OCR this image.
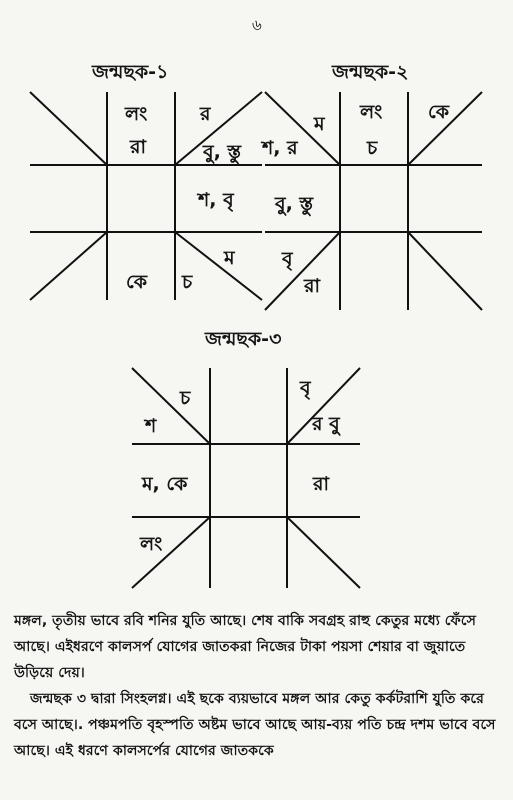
৬
জন্মছক-১	জন্মছক-২
জন্মছক-৩
লং	র
রা	বু, স্তু
শ, বৃ
ম
কে চ
ম
লং কে
শ, র	চ
বু, স্তু
বৃ
রা
চ
শ
বৃ
র বু
ম, কে	রা
লং
মঙ্গল, তৃতীয় ভাবে রবি শনির যুতি আছে। শেষ বাকি সবগ্রহ রাহু কেতুর মধ্যে ফেঁসে আছে। এইধরণে কালসর্প যোগের জাতকরা নিজের টাকা পয়সা শেয়ার বা জুয়াতে উড়িয়ে দেয়।
জন্মছক ৩ দ্বারা সিংহলগ্ন। এই ছকে ব্যয়ভাবে মঙ্গল আর কেতু কর্কটরাশি যুতি করে বসে আছে।. পঞ্চমপতি বৃহস্পতি অষ্টম ভাবে আছে আয়-ব্যয় পতি চন্দ্র দশম ভাবে বসে আছে। এই ধরণে কালসর্পের যোগের জাতককে
